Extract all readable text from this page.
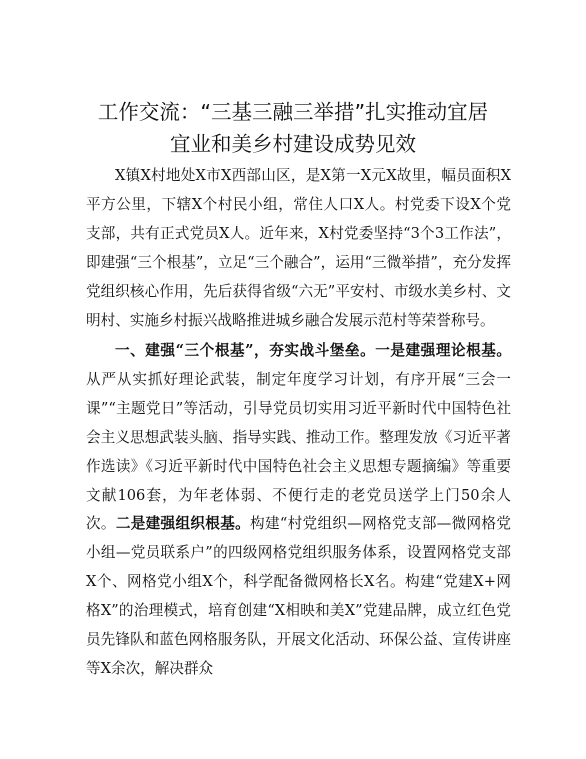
工作交流：“三基三融三举措”扎实推动宜居
宜业和美乡村建设成势见效

X镇X村地处X市X西部山区，是X第一X元X故里，幅员面积X平方公里，下辖X个村民小组，常住人口X人。村党委下设X个党支部，共有正式党员X人。近年来，X村党委坚持“3个3工作法”，即建强“三个根基”，立足“三个融合”，运用“三微举措”，充分发挥党组织核心作用，先后获得省级“六无”平安村、市级水美乡村、文明村、实施乡村振兴战略推进城乡融合发展示范村等荣誉称号。

一、建强“三个根基”，夯实战斗堡垒。一是建强理论根基。从严从实抓好理论武装，制定年度学习计划，有序开展“三会一课”“主题党日”等活动，引导党员切实用习近平新时代中国特色社会主义思想武装头脑、指导实践、推动工作。整理发放《习近平著作选读》《习近平新时代中国特色社会主义思想专题摘编》等重要文献106套，为年老体弱、不便行走的老党员送学上门50余人次。二是建强组织根基。构建“村党组织—网格党支部—微网格党小组—党员联系户”的四级网格党组织服务体系，设置网格党支部X个、网格党小组X个，科学配备微网格长X名。构建“党建X+网格X”的治理模式，培育创建“X相映和美X”党建品牌，成立红色党员先锋队和蓝色网格服务队，开展文化活动、环保公益、宣传讲座等X余次，解决群众
